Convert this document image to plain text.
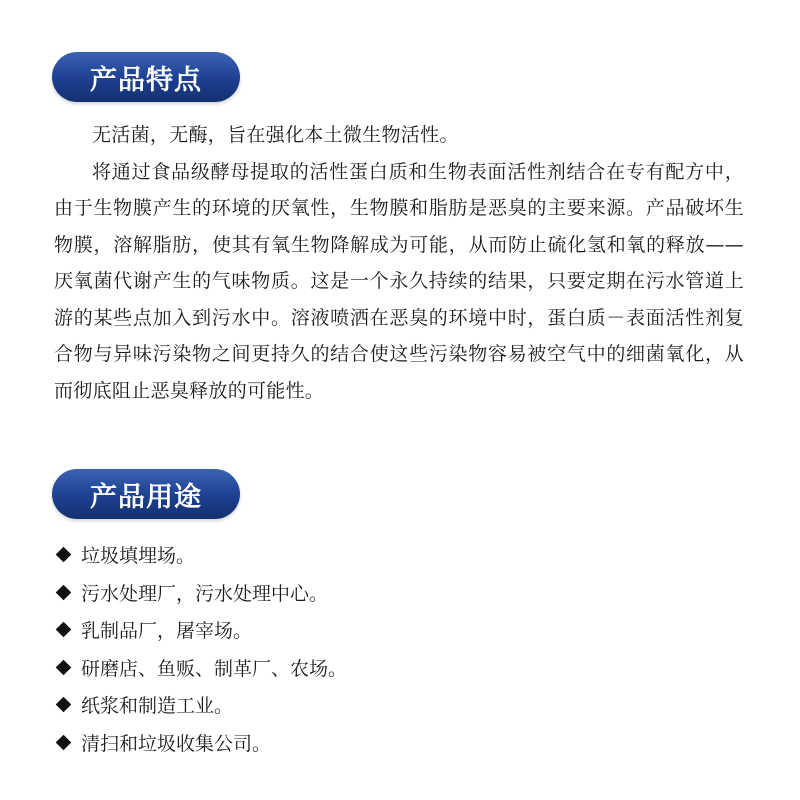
产品特点

无活菌，无酶，旨在强化本土微生物活性。

将通过食品级酵母提取的活性蛋白质和生物表面活性剂结合在专有配方中，由于生物膜产生的环境的厌氧性，生物膜和脂肪是恶臭的主要来源。产品破坏生物膜，溶解脂肪，使其有氧生物降解成为可能，从而防止硫化氢和氧的释放——厌氧菌代谢产生的气味物质。这是一个永久持续的结果，只要定期在污水管道上游的某些点加入到污水中。溶液喷洒在恶臭的环境中时，蛋白质－表面活性剂复合物与异味污染物之间更持久的结合使这些污染物容易被空气中的细菌氧化，从而彻底阻止恶臭释放的可能性。

产品用途
垃圾填埋场。
污水处理厂，污水处理中心。
乳制品厂，屠宰场。
研磨店、鱼贩、制革厂、农场。
纸浆和制造工业。
清扫和垃圾收集公司。
